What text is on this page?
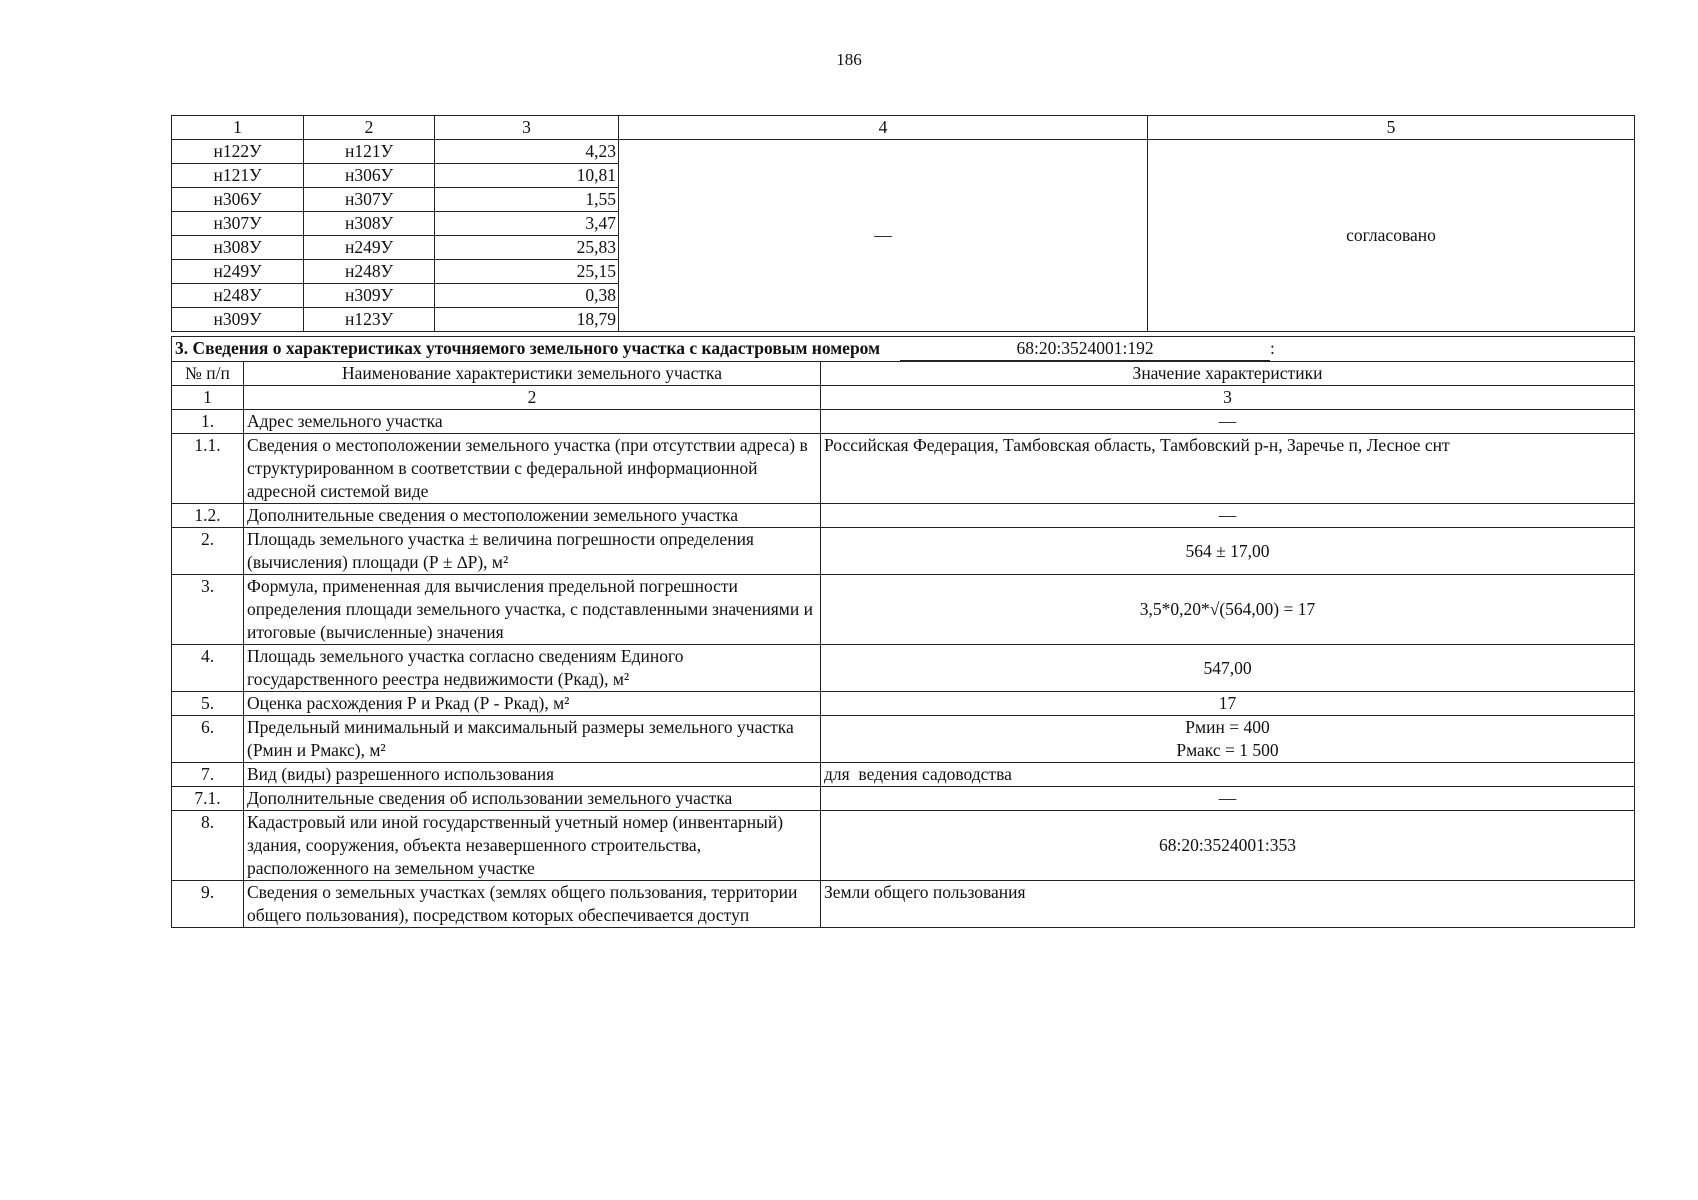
186
1	2	3	4	5
н122У	н121У	4,23	—	согласовано
н121У	н306У	10,81		
н306У	н307У	1,55		
н307У	н308У	3,47		
н308У	н249У	25,83		
н249У	н248У	25,15		
н248У	н309У	0,38		
н309У	н123У	18,79		
3. Сведения о характеристиках уточняемого земельного участка с кадастровым номером 68:20:3524001:192 :		
№ п/п	Наименование характеристики земельного участка	Значение характеристики
1	2	3
1.	Адрес земельного участка	—
1.1.	Сведения о местоположении земельного участка (при отсутствии адреса) в структурированном в соответствии с федеральной информационной адресной системой виде	Российская Федерация, Тамбовская область, Тамбовский р-н, Заречье п, Лесное снт
1.2.	Дополнительные сведения о местоположении земельного участка	—
2.	Площадь земельного участка ± величина погрешности определения (вычисления) площади (Р ± ∆Р), м²	564 ± 17,00
3.	Формула, примененная для вычисления предельной погрешности определения площади земельного участка, с подставленными значениями и итоговые (вычисленные) значения	3,5*0,20*√(564,00) = 17
4.	Площадь земельного участка согласно сведениям Единого государственного реестра недвижимости (Ркад), м²	547,00
5.	Оценка расхождения Р и Ркад (Р - Ркад), м²	17
6.	Предельный минимальный и максимальный размеры земельного участка (Рмин и Рмакс), м²	Рмин = 400
Рмакс = 1 500

7.	Вид (виды) разрешенного использования	для  ведения садоводства
7.1.	Дополнительные сведения об использовании земельного участка	—
8.	Кадастровый или иной государственный учетный номер (инвентарный) здания, сооружения, объекта незавершенного строительства, расположенного на земельном участке	68:20:3524001:353
9.	Сведения о земельных участках (землях общего пользования, территории общего пользования), посредством которых обеспечивается доступ	Земли общего пользования
